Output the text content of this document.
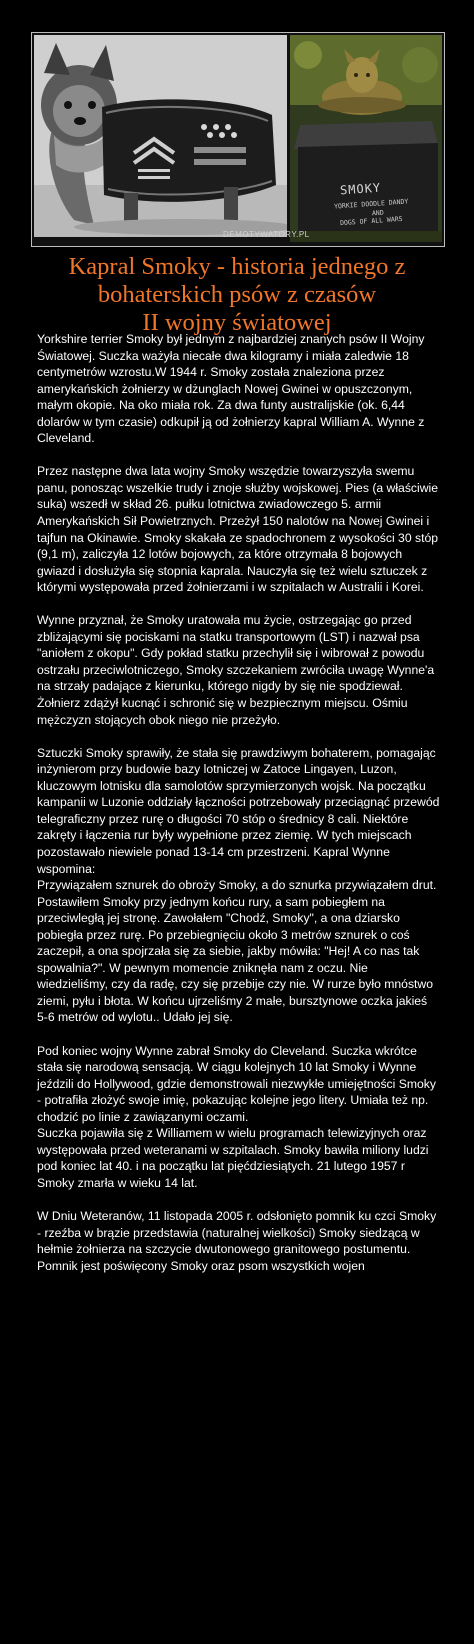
SMOKY
YORKIE DOODLE DANDY
AND
DOGS OF ALL WARS
DEMOTYWATORY.PL
Kapral Smoky - historia jednego z
bohaterskich psów z czasów
II wojny światowej

Yorkshire terrier Smoky był jednym z najbardziej znanych psów II Wojny Światowej. Suczka ważyła niecałe dwa kilogramy i miała zaledwie 18 centymetrów wzrostu.W 1944 r. Smoky została znaleziona przez amerykańskich żołnierzy w dżunglach Nowej Gwinei w opuszczonym, małym okopie. Na oko miała rok. Za dwa funty australijskie (ok. 6,44 dolarów w tym czasie) odkupił ją od żołnierzy kapral William A. Wynne z Cleveland.

Przez następne dwa lata wojny Smoky wszędzie towarzyszyła swemu panu, ponosząc wszelkie trudy i znoje służby wojskowej. Pies (a właściwie suka) wszedł w skład 26. pułku lotnictwa zwiadowczego 5. armii Amerykańskich Sił Powietrznych. Przeżył 150 nalotów na Nowej Gwinei i tajfun na Okinawie. Smoky skakała ze spadochronem z wysokości 30 stóp (9,1 m), zaliczyła 12 lotów bojowych, za które otrzymała 8 bojowych gwiazd i dosłużyła się stopnia kaprala. Nauczyła się też wielu sztuczek z którymi występowała przed żołnierzami i w szpitalach w Australii i Korei.

Wynne przyznał, że Smoky uratowała mu życie, ostrzegając go przed zbliżającymi się pociskami na statku transportowym (LST) i nazwał psa "aniołem z okopu". Gdy pokład statku przechylił się i wibrował z powodu ostrzału przeciwlotniczego, Smoky szczekaniem zwróciła uwagę Wynne'a na strzały padające z kierunku, którego nigdy by się nie spodziewał. Żołnierz zdążył kucnąć i schronić się w bezpiecznym miejscu. Ośmiu mężczyzn stojących obok niego nie przeżyło.

Sztuczki Smoky sprawiły, że stała się prawdziwym bohaterem, pomagając inżynierom przy budowie bazy lotniczej w Zatoce Lingayen, Luzon, kluczowym lotnisku dla samolotów sprzymierzonych wojsk. Na początku kampanii w Luzonie oddziały łączności potrzebowały przeciągnąć przewód telegraficzny przez rurę o długości 70 stóp o średnicy 8 cali. Niektóre zakręty i łączenia rur były wypełnione przez ziemię. W tych miejscach pozostawało niewiele ponad 13-14 cm przestrzeni. Kapral Wynne wspomina:
Przywiązałem sznurek do obroży Smoky, a do sznurka przywiązałem drut. Postawiłem Smoky przy jednym końcu rury, a sam pobiegłem na przeciwległą jej stronę. Zawołałem "Chodź, Smoky", a ona dziarsko pobiegła przez rurę. Po przebiegnięciu około 3 metrów sznurek o coś zaczepił, a ona spojrzała się za siebie, jakby mówiła: "Hej! A co nas tak spowalnia?". W pewnym momencie zniknęła nam z oczu. Nie wiedzieliśmy, czy da radę, czy się przebije czy nie. W rurze było mnóstwo ziemi, pyłu i błota. W końcu ujrzeliśmy 2 małe, bursztynowe oczka jakieś 5-6 metrów od wylotu.. Udało jej się.

Pod koniec wojny Wynne zabrał Smoky do Cleveland. Suczka wkrótce stała się narodową sensacją. W ciągu kolejnych 10 lat Smoky i Wynne jeździli do Hollywood, gdzie demonstrowali niezwykłe umiejętności Smoky - potrafiła złożyć swoje imię, pokazując kolejne jego litery. Umiała też np. chodzić po linie z zawiązanymi oczami.
Suczka pojawiła się z Williamem w wielu programach telewizyjnych oraz występowała przed weteranami w szpitalach. Smoky bawiła miliony ludzi pod koniec lat 40. i na początku lat pięćdziesiątych. 21 lutego 1957 r Smoky zmarła w wieku 14 lat.

W Dniu Weteranów, 11 listopada 2005 r. odsłonięto pomnik ku czci Smoky - rzeźba w brązie przedstawia (naturalnej wielkości) Smoky siedzącą w hełmie żołnierza na szczycie dwutonowego granitowego postumentu. Pomnik jest poświęcony Smoky oraz psom wszystkich wojen
